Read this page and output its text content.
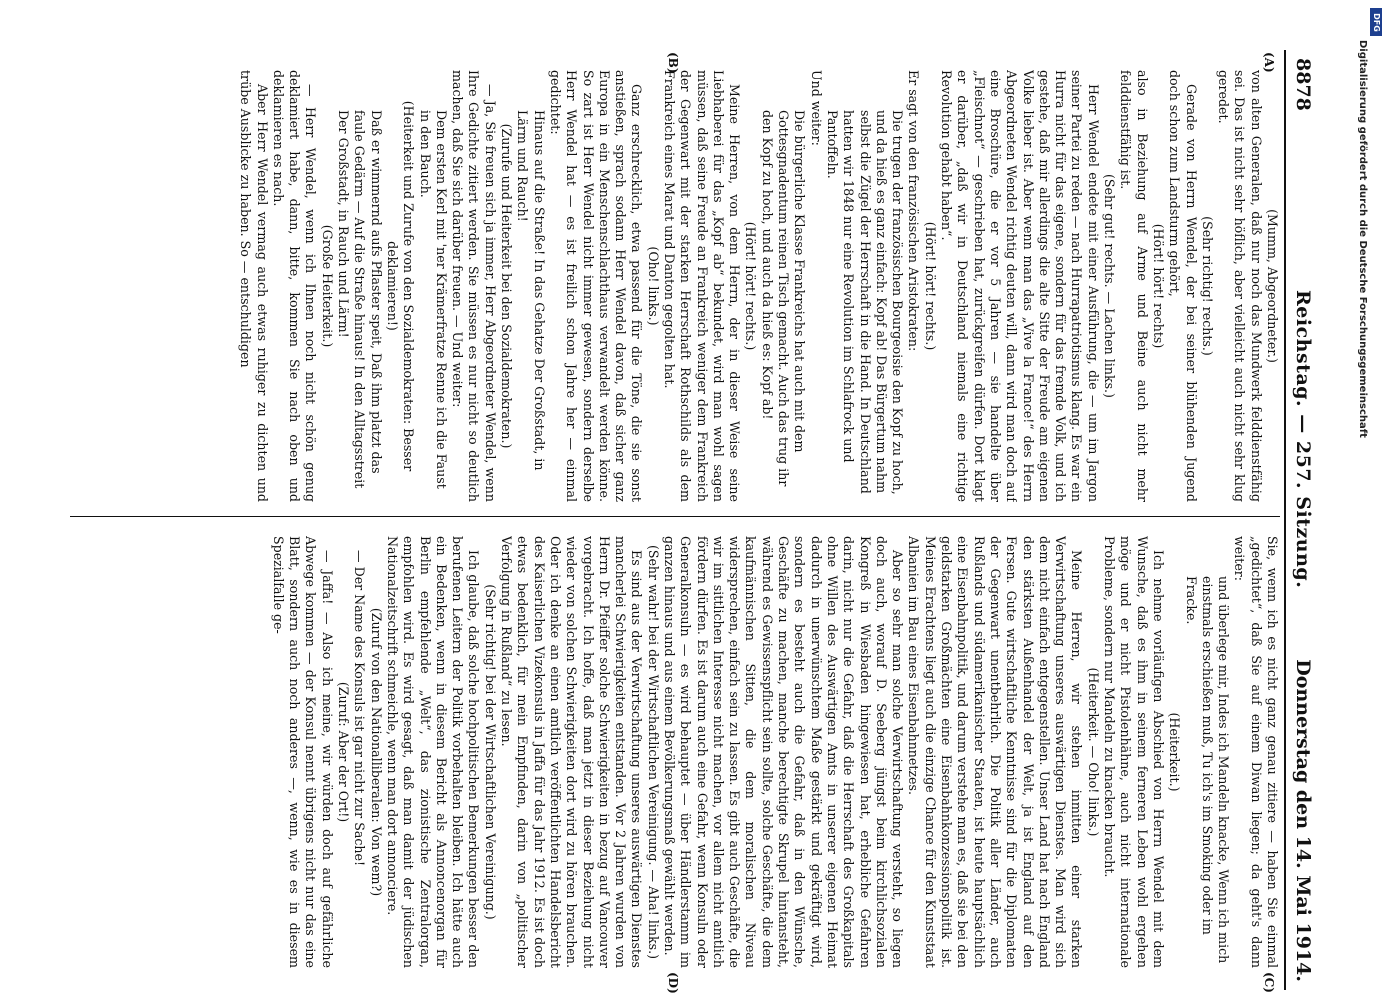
8878
Reichstag. — 257. Sitzung.
Donnerstag den 14. Mai 1914.
(A)
(B)
(C)
(D)

(Mumm, Abgeordneter.)

von alten Generalen, daß nur noch das Mundwerk felddienstfähig sei. Das ist nicht sehr höflich, aber vielleicht auch nicht sehr klug geredet.

(Sehr richtig! rechts.)

Gerade von Herrn Wendel, der bei seiner blühenden Jugend doch schon zum Landsturm gehört,

(Hört! hört! rechts)

also in Beziehung auf Arme und Beine auch nicht mehr felddienstfähig ist.

(Sehr gut! rechts. — Lachen links.)

Herr Wendel endete mit einer Ausführung, die — um im Jargon seiner Partei zu reden — nach Hurrapatriotismus klang. Es war ein Hurra nicht für das eigene, sondern für das fremde Volk, und ich gestehe, daß mir allerdings die alte Sitte der Freude am eigenen Volke lieber ist. Aber wenn man das „Vive la France!“ des Herrn Abgeordneten Wendel richtig deuten will, dann wird man doch auf eine Broschüre, die er vor 5 Jahren — sie handelte über „Fleischnot“ — geschrieben hat, zurückgreifen dürfen. Dort klagt er darüber, „daß wir in Deutschland niemals eine richtige Revolution gehabt haben“.

(Hört! hört! rechts.)

Er sagt von den französischen Aristokraten:

Die trugen der französischen Bourgeoisie den Kopf zu hoch, und da hieß es ganz einfach: Kopf ab! Das Bürgertum nahm selbst die Zügel der Herrschaft in die Hand. In Deutschland hatten wir 1848 nur eine Revolution im Schlafrock und Pantoffeln.

Und weiter:

Die bürgerliche Klasse Frankreichs hat auch mit dem Gottesgnadentum reinen Tisch gemacht. Auch das trug ihr den Kopf zu hoch, und auch da hieß es: Kopf ab!

(Hört! hört! rechts.)

Meine Herren, von dem Herrn, der in dieser Weise seine Liebhaberei für das „Kopf ab“ bekundet, wird man wohl sagen müssen, daß seine Freude an Frankreich weniger dem Frankreich der Gegenwart mit der starken Herrschaft Rothschilds als dem Frankreich eines Marat und Danton gegolten hat.

(Oho! links.)

Ganz erschrecklich, etwa passend für die Töne, die sie sonst anstießen, sprach sodann Herr Wendel davon, daß sicher ganz Europa in ein Menschenschlachthaus verwandelt werden könne. So zart ist Herr Wendel nicht immer gewesen, sondern derselbe Herr Wendel hat — es ist freilich schon Jahre her — einmal gedichtet:

Hinaus auf die Straße! In das Gehatze Der Großstadt, in Lärm und Rauch!

(Zurufe und Heiterkeit bei den Sozialdemokraten.)

— Ja, Sie freuen sich ja immer, Herr Abgeordneter Wendel, wenn Ihre Gedichte zitiert werden. Sie müssen es nur nicht so deutlich machen, daß Sie sich darüber freuen. — Und weiter:

Dem ersten Kerl mit 'ner Krämerfratze Renne ich die Faust in den Bauch.

(Heiterkeit und Zurufe von den Sozialdemokraten: Besser deklamieren!)

Daß er wimmernd aufs Pflaster speit, Daß ihm platzt das faule Gedärm — Auf die Straße hinaus! In den Alltagsstreit Der Großstadt, in Rauch und Lärm!

(Große Heiterkeit.)

— Herr Wendel, wenn ich Ihnen noch nicht schön genug deklamiert habe, dann, bitte, kommen Sie nach oben und deklamieren es nach.

Aber Herr Wendel vermag auch etwas ruhiger zu dichten und trübe Ausblicke zu haben. So — entschuldigen

Sie, wenn ich es nicht ganz genau zitiere — haben Sie einmal „gedichtet“, daß Sie auf einem Diwan liegen; da geht's dann weiter:

und überlege mir, Indes ich Mandeln knacke, Wenn ich mich einstmals erschießen muß, Tu ich's im Smoking oder im Fracke.

(Heiterkeit.)

Ich nehme vorläufigen Abschied von Herrn Wendel mit dem Wunsche, daß es ihm in seinem ferneren Leben wohl ergehen möge und er nicht Pistolenhähne, auch nicht internationale Probleme, sondern nur Mandeln zu knacken braucht.

(Heiterkeit. — Oho! links.)

Meine Herren, wir stehen inmitten einer starken Verwirtschaftung unseres auswärtigen Dienstes. Man wird sich dem nicht einfach entgegenstellen. Unser Land hat nach England den stärksten Außenhandel der Welt, ja ist England auf den Fersen. Gute wirtschaftliche Kenntnisse sind für die Diplomaten der Gegenwart unentbehrlich. Die Politik aller Länder, auch Rußlands und südamerikanischer Staaten, ist heute hauptsächlich eine Eisenbahnpolitik, und darum verstehe man es, daß sie bei den geldstarken Großmächten eine Eisenbahnkonzessionspolitik ist. Meines Erachtens liegt auch die einzige Chance für den Kunststaat Albanien im Bau eines Eisenbahnnetzes.

Aber so sehr man solche Verwirtschaftung versteht, so liegen doch auch, worauf D. Seeberg jüngst beim kirchlichsozialen Kongreß in Wiesbaden hingewiesen hat, erhebliche Gefahren darin, nicht nur die Gefahr, daß die Herrschaft des Großkapitals ohne Willen des Auswärtigen Amts in unserer eigenen Heimat dadurch in unerwünschtem Maße gestärkt und gekräftigt wird, sondern es besteht auch die Gefahr, daß in den Wünsche, Geschäfte zu machen, manche berechtigte Skrupel hintansteht, während es Gewissenspflicht sein sollte, solche Geschäfte, die dem kaufmännischen Sitten, die dem moralischen Niveau widersprechen, einfach sein zu lassen. Es gibt auch Geschäfte, die wir im sittlichen Interesse nicht machen, vor allem nicht amtlich fördern dürfen. Es ist darum auch eine Gefahr, wenn Konsuln oder Generalkonsuln — es wird behauptet — über Händlerstamm im ganzen hinaus und aus einem Bevölkerungsmaß gewählt werden.

(Sehr wahr! bei der Wirtschaftlichen Vereinigung. — Aha! links.)

Es sind aus der Verwirtschaftung unseres auswärtigen Dienstes mancherlei Schwierigkeiten entstanden. Vor 2 Jahren wurden von Herrn Dr. Pfeiffer solche Schwierigkeiten in bezug auf Vancouver vorgebracht. Ich hoffe, daß man jetzt in dieser Beziehung nicht wieder von solchen Schwierigkeiten dort wird zu hören brauchen. Oder ich denke an einen amtlich veröffentlichten Handelsbericht des Kaiserlichen Vizekonsuls in Jaffa für das Jahr 1912. Es ist doch etwas bedenklich, für mein Empfinden, darin von „politischer Verfolgung in Rußland“ zu lesen.

(Sehr richtig! bei der Wirtschaftlichen Vereinigung.)

Ich glaube, daß solche hochpolitischen Bemerkungen besser den berufenen Leitern der Politik vorbehalten bleiben. Ich hätte auch ein Bedenken, wenn in diesem Bericht als Annoncenorgan für Berlin empfehlende „Welt“, das zionistische Zentralorgan, empfohlen wird. Es wird gesagt, daß man damit der jüdischen Nationalzeitschrift schmeichle, wenn man dort annonciere.

(Zuruf von den Nationalliberalen: Von wem?)

— Der Name des Konsuls ist gar nicht zur Sache!

(Zuruf: Aber der Ort!)

— Jaffa! — Also ich meine, wir würden doch auf gefährliche Abwege kommen — der Konsul nennt übrigens nicht nur das eine Blatt, sondern auch noch anderes —, wenn, wie es in diesem Spezialfalle ge-

Digitalisierung gefördert durch die Deutsche Forschungsgemeinschaft
DFG
